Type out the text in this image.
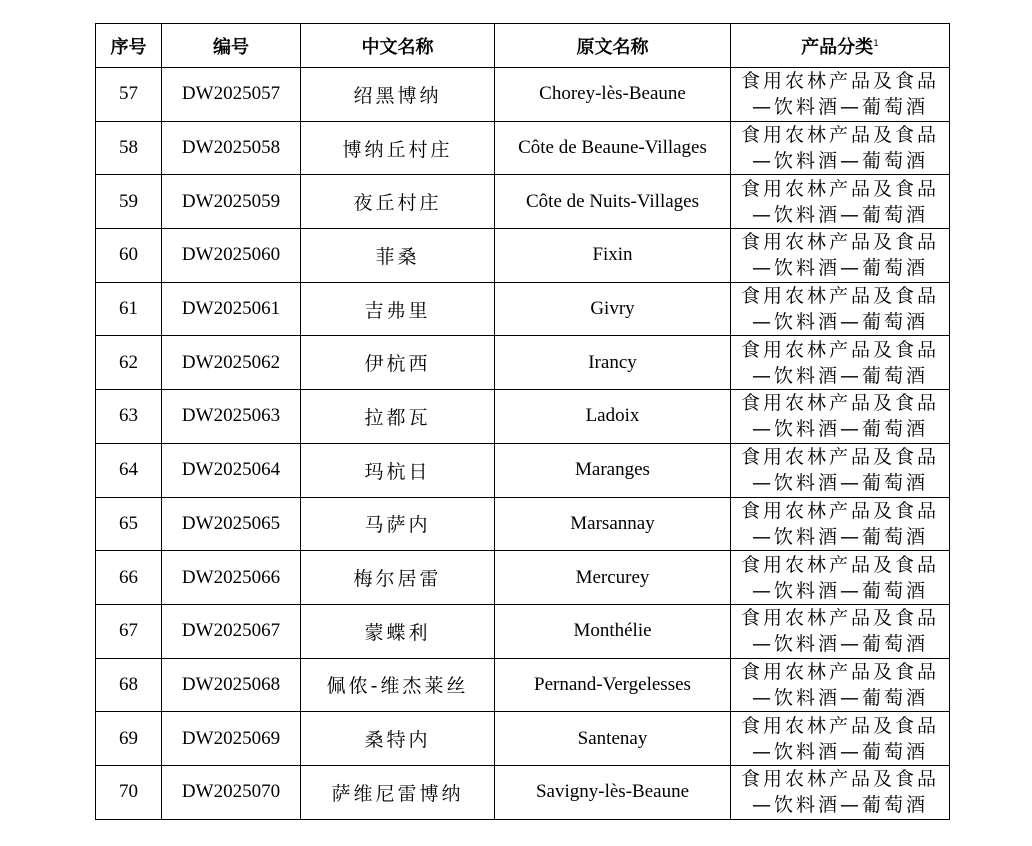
序号	编号	中文名称	原文名称	产品分类$^1$
57	DW2025057	绍黑博纳	Chorey-lès-Beaune	食用农林产品及食品
—饮料酒—葡萄酒

58	DW2025058	博纳丘村庄	Côte de Beaune-Villages	食用农林产品及食品
—饮料酒—葡萄酒

59	DW2025059	夜丘村庄	Côte de Nuits-Villages	食用农林产品及食品
—饮料酒—葡萄酒

60	DW2025060	菲桑	Fixin	食用农林产品及食品
—饮料酒—葡萄酒

61	DW2025061	吉弗里	Givry	食用农林产品及食品
—饮料酒—葡萄酒

62	DW2025062	伊杭西	Irancy	食用农林产品及食品
—饮料酒—葡萄酒

63	DW2025063	拉都瓦	Ladoix	食用农林产品及食品
—饮料酒—葡萄酒

64	DW2025064	玛杭日	Maranges	食用农林产品及食品
—饮料酒—葡萄酒

65	DW2025065	马萨内	Marsannay	食用农林产品及食品
—饮料酒—葡萄酒

66	DW2025066	梅尔居雷	Mercurey	食用农林产品及食品
—饮料酒—葡萄酒

67	DW2025067	蒙蝶利	Monthélie	食用农林产品及食品
—饮料酒—葡萄酒

68	DW2025068	佩侬-维杰莱丝	Pernand-Vergelesses	食用农林产品及食品
—饮料酒—葡萄酒

69	DW2025069	桑特内	Santenay	食用农林产品及食品
—饮料酒—葡萄酒

70	DW2025070	萨维尼雷博纳	Savigny-lès-Beaune	食用农林产品及食品
—饮料酒—葡萄酒
